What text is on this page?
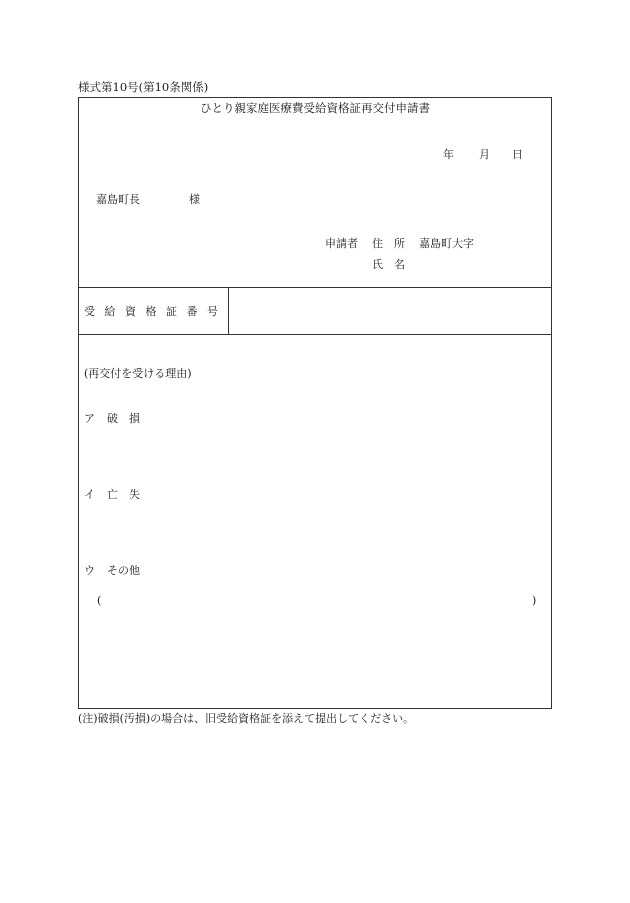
様式第10号(第10条関係)
ひとり親家庭医療費受給資格証再交付申請書
年 月 日
嘉島町長	様
申請者 住　所 嘉島町大字
氏　名
受 給 資 格 証 番 号
(再交付を受ける理由)
ア 破　損
イ 亡　失
ウ その他
(	)
(注)破損(汚損)の場合は、旧受給資格証を添えて提出してください。
